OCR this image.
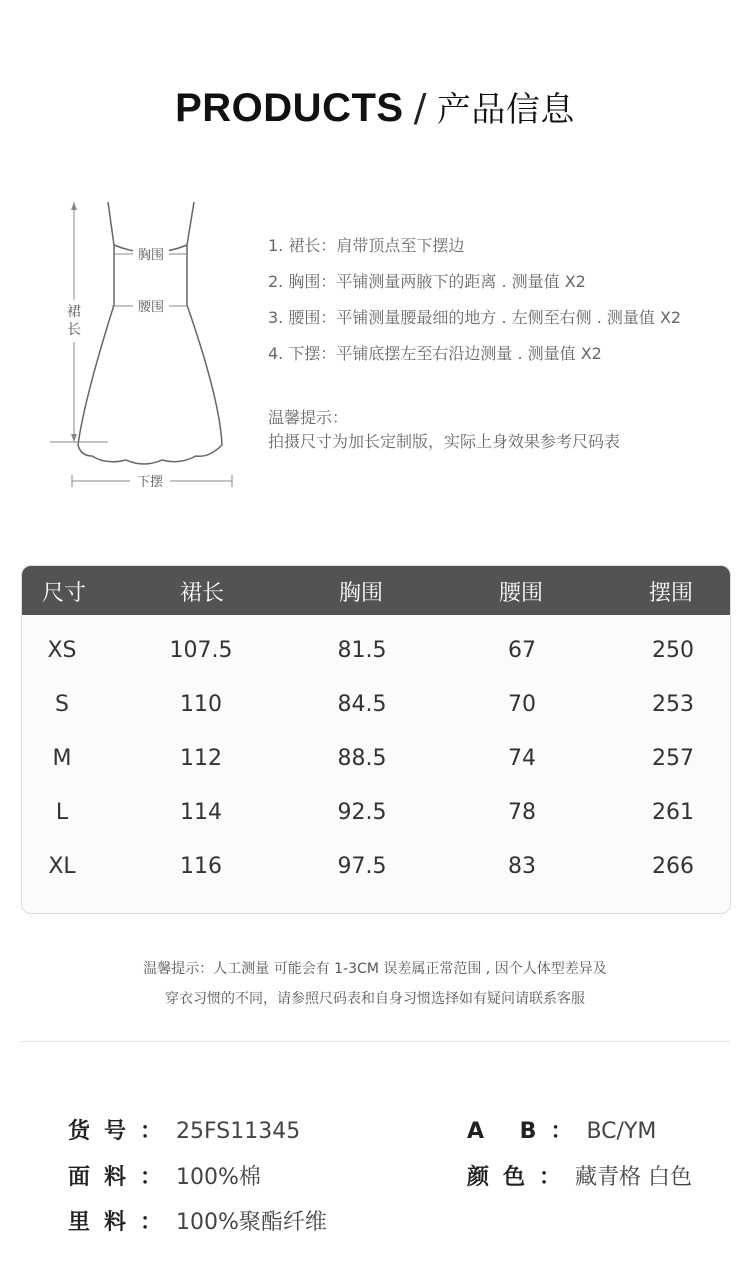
PRODUCTS / 产品信息
裙
长
胸围
腰围
下摆
1. 裙长：肩带顶点至下摆边
2. 胸围：平铺测量两腋下的距离 . 测量值 X2
3. 腰围：平铺测量腰最细的地方 . 左侧至右侧 . 测量值 X2
4. 下摆：平铺底摆左至右沿边测量 . 测量值 X2
温馨提示：
拍摄尺寸为加长定制版，实际上身效果参考尺码表
尺寸	裙长	胸围	腰围	摆围
XS	107.5	81.5	67	250
S	110	84.5	70	253
M	112	88.5	74	257
L	114	92.5	78	261
XL	116	97.5	83	266
温馨提示：人工测量 可能会有 1-3CM 误差属正常范围 , 因个人体型差异及
穿衣习惯的不同，请参照尺码表和自身习惯选择如有疑问请联系客服
货号：25FS11345	A B：BC/YM
面料：100%棉	颜色：藏青格 白色
里料：100%聚酯纤维
